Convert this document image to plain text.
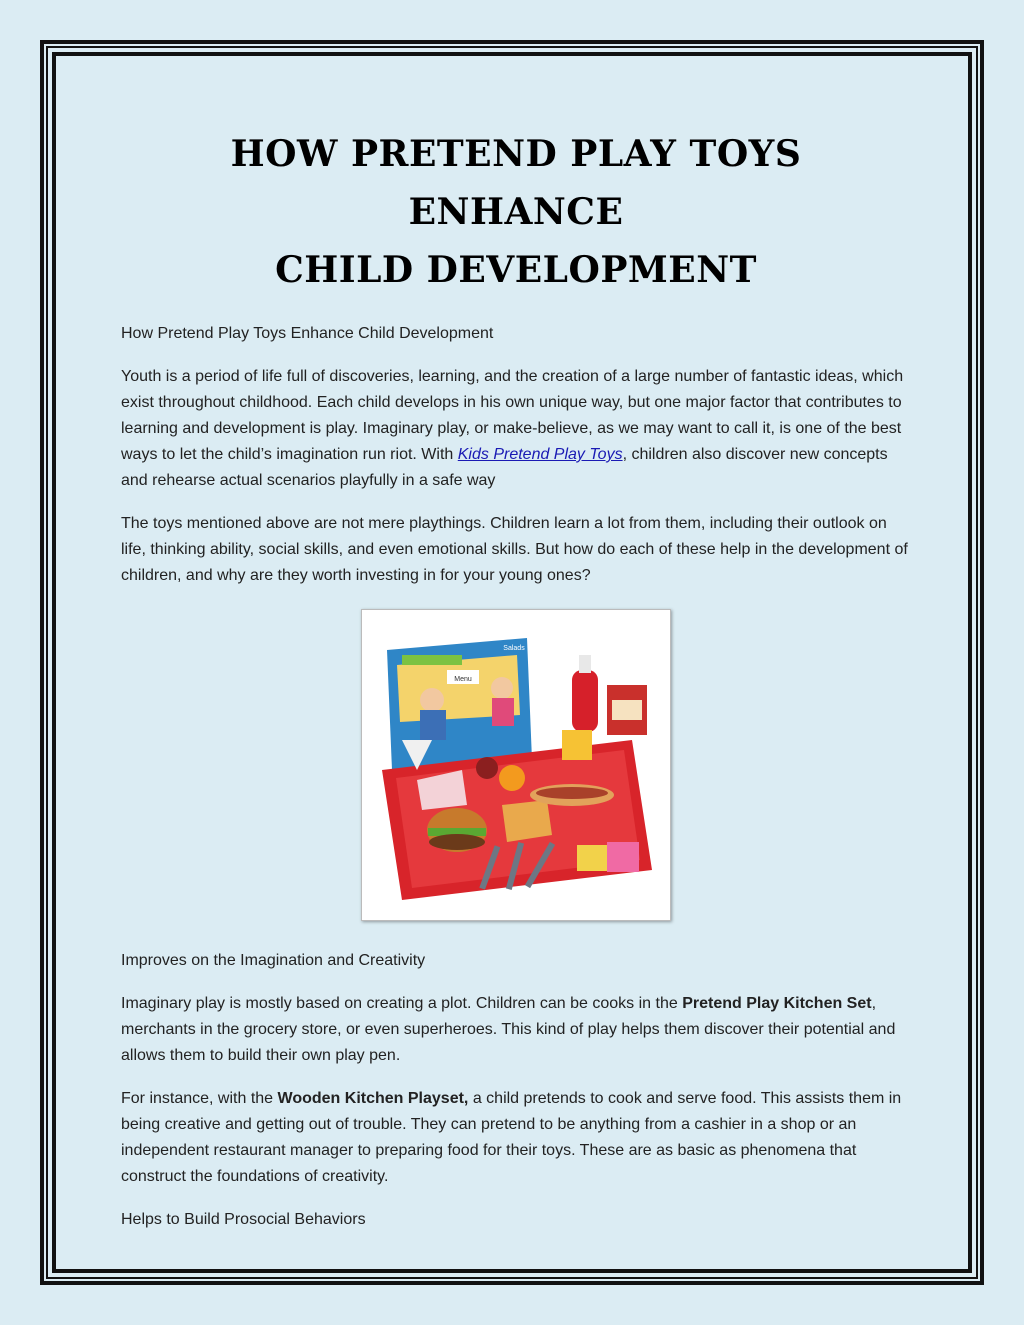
HOW PRETEND PLAY TOYS ENHANCE
CHILD DEVELOPMENT

How Pretend Play Toys Enhance Child Development

Youth is a period of life full of discoveries, learning, and the creation of a large number of fantastic ideas, which exist throughout childhood. Each child develops in his own unique way, but one major factor that contributes to learning and development is play. Imaginary play, or make-believe, as we may want to call it, is one of the best ways to let the child’s imagination run riot. With Kids Pretend Play Toys, children also discover new concepts and rehearse actual scenarios playfully in a safe way

The toys mentioned above are not mere playthings. Children learn a lot from them, including their outlook on life, thinking ability, social skills, and even emotional skills. But how do each of these help in the development of children, and why are they worth investing in for your young ones?

Menu
Salads

Improves on the Imagination and Creativity

Imaginary play is mostly based on creating a plot. Children can be cooks in the Pretend Play Kitchen Set, merchants in the grocery store, or even superheroes. This kind of play helps them discover their potential and allows them to build their own play pen.

For instance, with the Wooden Kitchen Playset, a child pretends to cook and serve food. This assists them in being creative and getting out of trouble. They can pretend to be anything from a cashier in a shop or an independent restaurant manager to preparing food for their toys. These are as basic as phenomena that construct the foundations of creativity.

Helps to Build Prosocial Behaviors
